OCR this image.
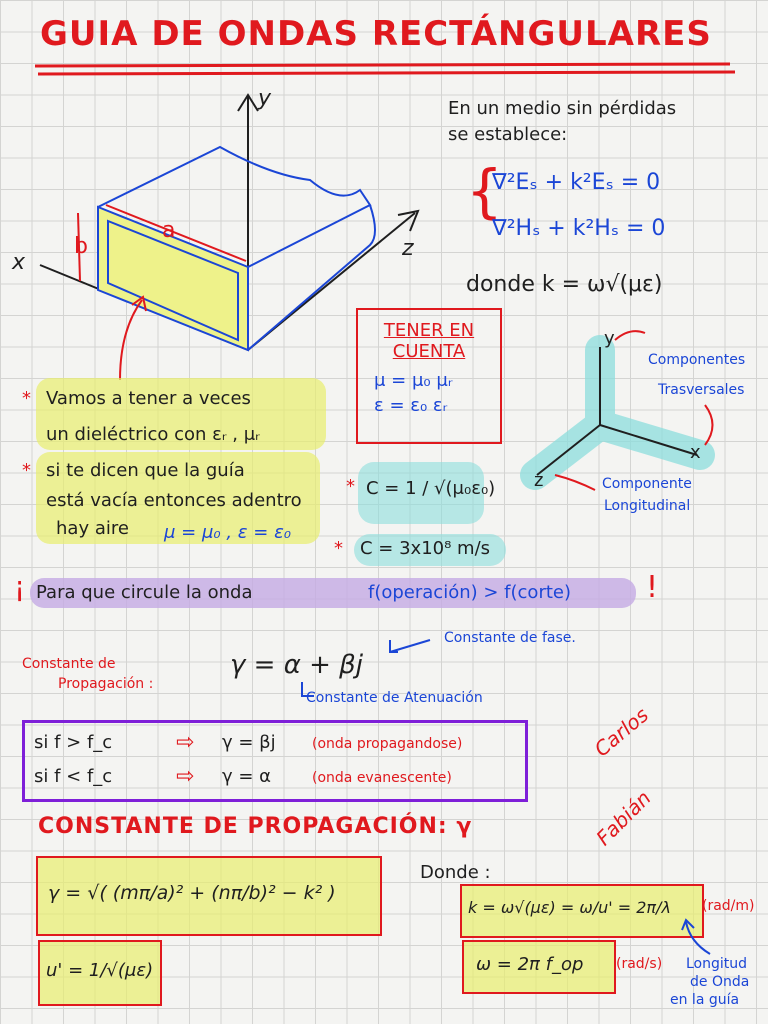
GUIA DE ONDAS RECTÁNGULARES
y
z
x
a
b
En un medio sin pérdidas
se establece:
{
∇²Eₛ + k²Eₛ = 0
∇²Hₛ + k²Hₛ = 0
donde k = ω√(με)
TENER EN
CUENTA
μ = μ₀ μᵣ
ε = ε₀ εᵣ
y
x
z
Componentes
Trasversales
Componente
Longitudinal
* Vamos a tener a veces
un dieléctrico con εᵣ , μᵣ
* si te dicen que la guía
está vacía entonces adentro
hay aire μ = μ₀ , ε = ε₀
* C = 1 / √(μ₀ε₀)
* C = 3x10⁸ m/s
¡ Para que circule la onda	f(operación) > f(corte)	!
Constante de
Propagación :
γ = α + βj
Constante de fase.
Constante de Atenuación
si f > f_c	⇨ γ = βj	(onda propagandose)
si f < f_c	⇨ γ = α	(onda evanescente)
Carlos
Fabián
CONSTANTE DE PROPAGACIÓN: γ
γ = √( (mπ/a)² + (nπ/b)² − k² )
u' = 1/√(με)
Donde :
k = ω√(με) = ω/u' = 2π/λ (rad/m)
ω = 2π f_op (rad/s) Longitud
de Onda
en la guía
